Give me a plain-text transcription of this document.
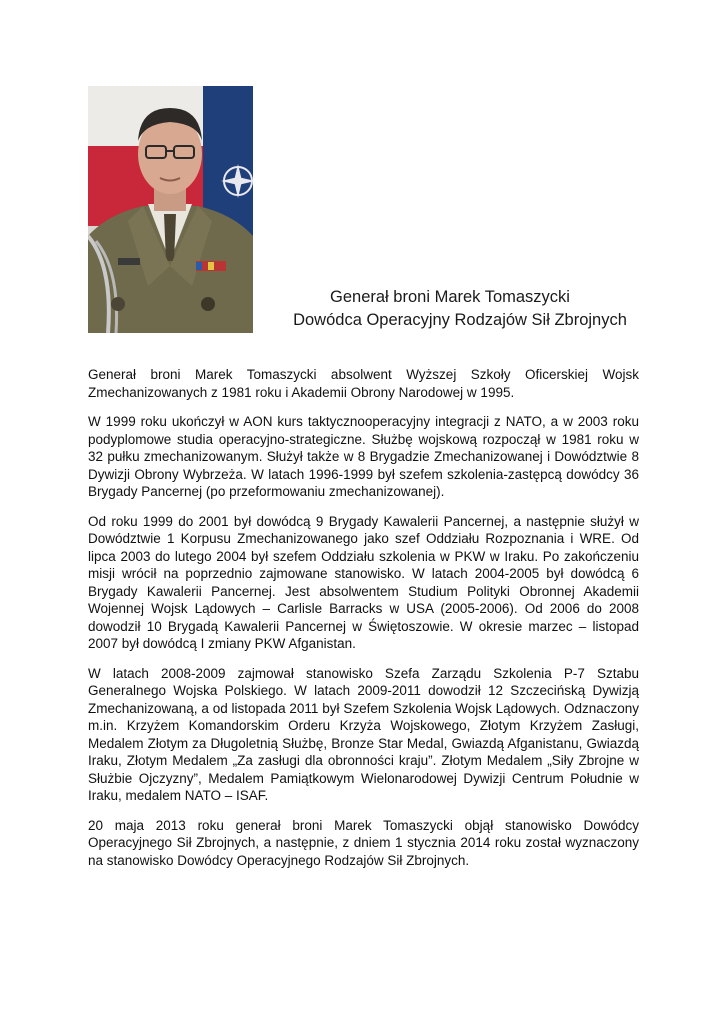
Generał broni Marek Tomaszycki
Dowódca Operacyjny Rodzajów Sił Zbrojnych

Generał broni Marek Tomaszycki absolwent Wyższej Szkoły Oficerskiej Wojsk Zmechanizowanych z 1981 roku i Akademii Obrony Narodowej w 1995.

W 1999 roku ukończył w AON kurs taktycznooperacyjny integracji z NATO, a w 2003 roku podyplomowe studia operacyjno-strategiczne. Służbę wojskową rozpoczął w 1981 roku w 32 pułku zmechanizowanym. Służył także w 8 Brygadzie Zmechanizowanej i Dowództwie 8 Dywizji Obrony Wybrzeża. W latach 1996-1999 był szefem szkolenia-zastępcą dowódcy 36 Brygady Pancernej (po przeformowaniu zmechanizowanej).

Od roku 1999 do 2001 był dowódcą 9 Brygady Kawalerii Pancernej, a następnie służył w Dowództwie 1 Korpusu Zmechanizowanego jako szef Oddziału Rozpoznania i WRE. Od lipca 2003 do lutego 2004 był szefem Oddziału szkolenia w PKW w Iraku. Po zakończeniu misji wrócił na poprzednio zajmowane stanowisko. W latach 2004-2005 był dowódcą 6 Brygady Kawalerii Pancernej. Jest absolwentem Studium Polityki Obronnej Akademii Wojennej Wojsk Lądowych – Carlisle Barracks w USA (2005-2006). Od 2006 do 2008 dowodził 10 Brygadą Kawalerii Pancernej w Świętoszowie. W okresie marzec – listopad 2007 był dowódcą I zmiany PKW Afganistan.

W latach 2008-2009 zajmował stanowisko Szefa Zarządu Szkolenia P-7 Sztabu Generalnego Wojska Polskiego. W latach 2009-2011 dowodził 12 Szczecińską Dywizją Zmechanizowaną, a od listopada 2011 był Szefem Szkolenia Wojsk Lądowych. Odznaczony m.in. Krzyżem Komandorskim Orderu Krzyża Wojskowego, Złotym Krzyżem Zasługi, Medalem Złotym za Długoletnią Służbę, Bronze Star Medal, Gwiazdą Afganistanu, Gwiazdą Iraku, Złotym Medalem „Za zasługi dla obronności kraju”. Złotym Medalem „Siły Zbrojne w Służbie Ojczyzny”, Medalem Pamiątkowym Wielonarodowej Dywizji Centrum Południe w Iraku, medalem NATO – ISAF.

20 maja 2013 roku generał broni Marek Tomaszycki objął stanowisko Dowódcy Operacyjnego Sił Zbrojnych, a następnie, z dniem 1 stycznia 2014 roku został wyznaczony na stanowisko Dowódcy Operacyjnego Rodzajów Sił Zbrojnych.
